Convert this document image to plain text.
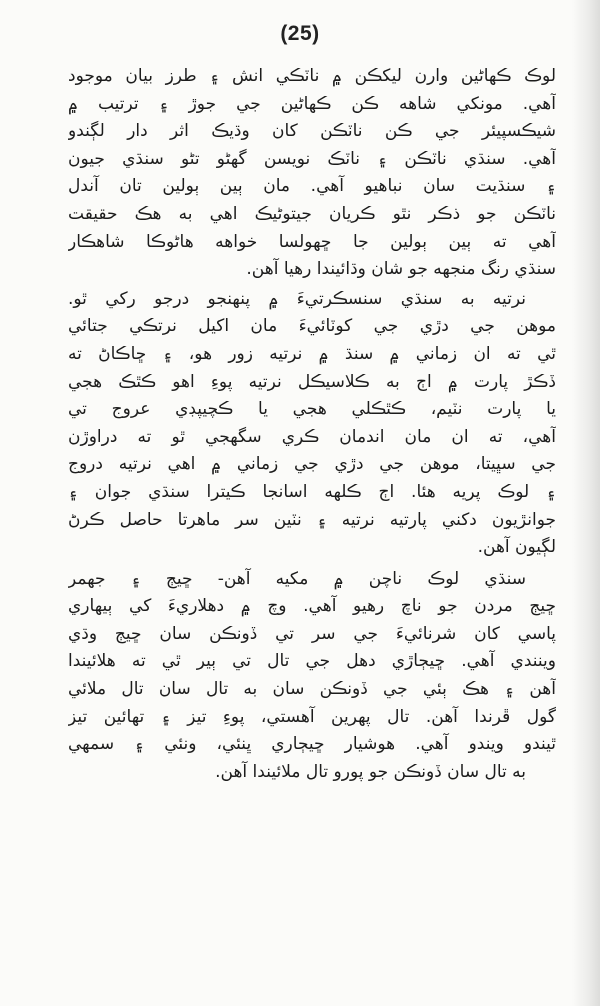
(25)
لوڪ ڪهاڻين وارن ليکڪن ۾ ناٽڪي انش ۽ طرز بيان موجود
آهي. مونکي شاهه ڪن ڪهاڻين جي جوڙ ۽ ترتيب ۾
شيڪسپيئر جي ڪن ناٽڪن کان وڌيڪ اثر دار لڳندو
آهي. سنڌي ناٽڪن ۽ ناٽڪ نويسن گهڻو تڻو سنڌي جيون
۽ سنڌيت سان نباهيو آهي. مان ٻين ٻولين تان آندل
ناٽڪن جو ذڪر نٿو ڪريان جيتوڻيڪ اهي به هڪ حقيقت
آهي ته ٻين ٻولين جا ڇهولسا خواهه هاڻوڪا شاهڪار
سنڌي رنگ منجهه جو شان وڌائيندا رهيا آهن.
نرتيه به سنڌي سنسڪرتيءَ ۾ پنهنجو درجو رکي ٿو.
موهن جي دڙي جي کوٽائيءَ مان اکيل نرتڪي جتائي
ٿي ته ان زماني ۾ سنڌ ۾ نرتيه زور هو، ۽ ڇاڪاڻ ته
ڏڪڙ پارت ۾ اڄ به ڪلاسيڪل نرتيه پوءِ اهو ڪٿڪ هجي
يا پارت نٽيم، ڪٿڪلي هجي يا ڪچيپڊي عروج تي
آهي، ته ان مان اندمان ڪري سگهجي ٿو ته دراوڙن
جي سڀيتا، موهن جي دڙي جي زماني ۾ اهي نرتيه دروج
۽ لوڪ پريه هئا. اڄ ڪلهه اسانجا ڪيترا سنڌي جوان ۽
جوانڙيون دکني پارتيه نرتيه ۽ نٽين سر ماهرتا حاصل ڪرڻ
لڳيون آهن.
سنڌي لوڪ ناچن ۾ مکيه آهن- ڇيڄ ۽ جهمر
ڇيڄ مردن جو ناچ رهيو آهي. وچ ۾ دهلاريءَ کي ٻيهاري
پاسي کان شرنائيءَ جي سر تي ڏونڪن سان ڇيڄ وڌي
وينندي آهي. ڇيڄاڙي دهل جي تال تي ٻير ٿي ته هلائيندا
آهن ۽ هڪ ٻئي جي ڏونڪن سان به تال سان تال ملائي
گول ڦرندا آهن. تال پهرين آهستي، پوءِ تيز ۽ تهائين تيز
ٿيندو ويندو آهي. هوشيار ڇيڄاري ڀنئي، ونئي ۽ سمهي
به تال سان ڏونڪن جو پورو تال ملائيندا آهن.
